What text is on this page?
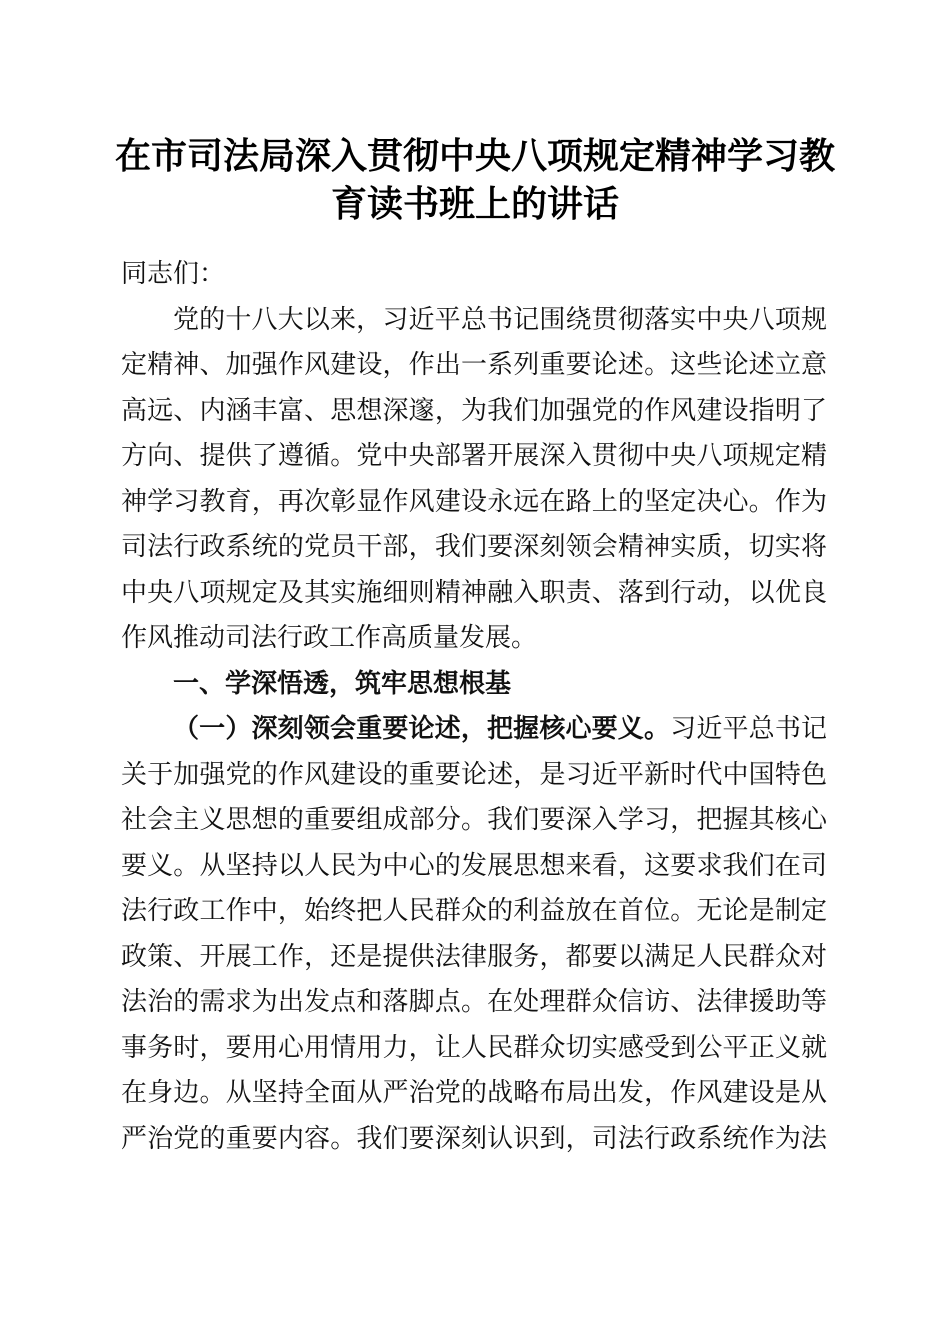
在市司法局深入贯彻中央八项规定精神学习教
育读书班上的讲话
同志们：
党的十八大以来，习近平总书记围绕贯彻落实中央八项规
定精神、加强作风建设，作出一系列重要论述。这些论述立意
高远、内涵丰富、思想深邃，为我们加强党的作风建设指明了
方向、提供了遵循。党中央部署开展深入贯彻中央八项规定精
神学习教育，再次彰显作风建设永远在路上的坚定决心。作为
司法行政系统的党员干部，我们要深刻领会精神实质，切实将
中央八项规定及其实施细则精神融入职责、落到行动，以优良
作风推动司法行政工作高质量发展。
一、学深悟透，筑牢思想根基
（一）深刻领会重要论述，把握核心要义。习近平总书记
关于加强党的作风建设的重要论述，是习近平新时代中国特色
社会主义思想的重要组成部分。我们要深入学习，把握其核心
要义。从坚持以人民为中心的发展思想来看，这要求我们在司
法行政工作中，始终把人民群众的利益放在首位。无论是制定
政策、开展工作，还是提供法律服务，都要以满足人民群众对
法治的需求为出发点和落脚点。在处理群众信访、法律援助等
事务时，要用心用情用力，让人民群众切实感受到公平正义就
在身边。从坚持全面从严治党的战略布局出发，作风建设是从
严治党的重要内容。我们要深刻认识到，司法行政系统作为法
